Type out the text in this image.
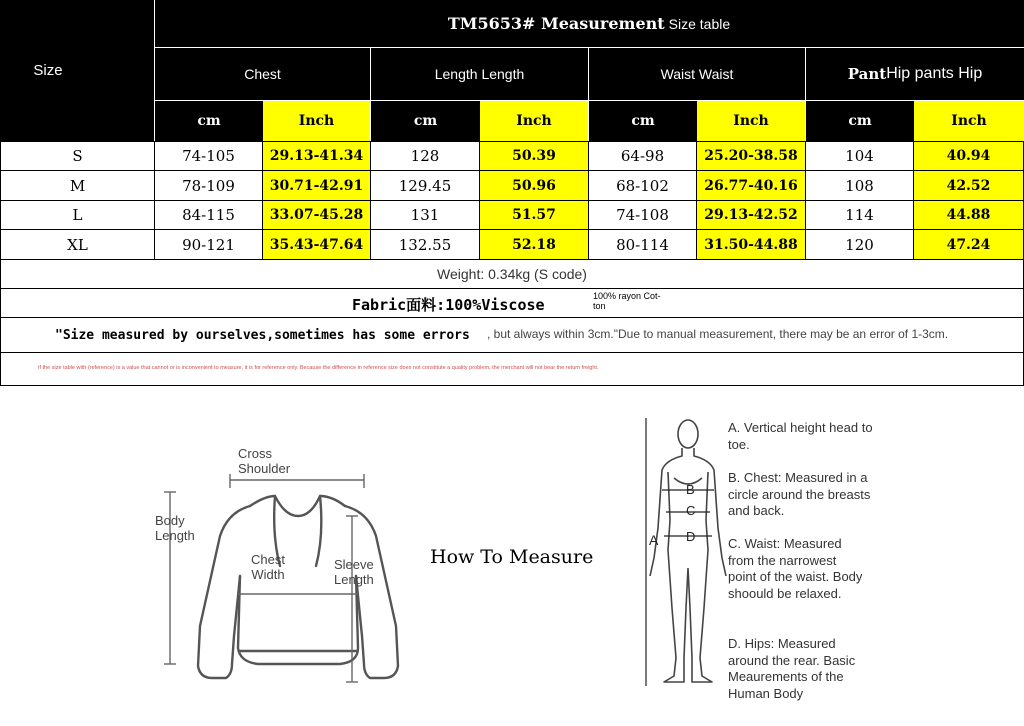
Size
TM5653# Measurement Size table
Chest	Length Length	Waist Waist	Pant Hip pants Hip
cm	Inch	cm	Inch	cm	Inch	cm	Inch
S	74-105	29.13-41.34	128	50.39	64-98	25.20-38.58	104	40.94
M	78-109	30.71-42.91	129.45	50.96	68-102	26.77-40.16	108	42.52
L	84-115	33.07-45.28	131	51.57	74-108	29.13-42.52	114	44.88
XL	90-121	35.43-47.64	132.55	52.18	80-114	31.50-44.88	120	47.24
Weight: 0.34kg (S code)
Fabric面料:100%Viscose	100% rayon Cot-ton
"Size measured by ourselves,sometimes has some errors , but always within 3cm."Due to manual measurement, there may be an error of 1-3cm.
If the size table with (reference) is a value that cannot or is inconvenient to measure, it is for reference only. Because the difference in reference size does not constitute a quality problem, the merchant will not bear the return freight.
Cross Shoulder
Body Length
Chest Width
Sleeve Length
How To Measure
A
B
C
D
A. Vertical height head to toe.
B. Chest: Measured in a circle around the breasts and back.
C. Waist: Measured from the narrowest point of the waist. Body shoould be relaxed.
D. Hips: Measured around the rear. Basic Meaurements of the Human Body
